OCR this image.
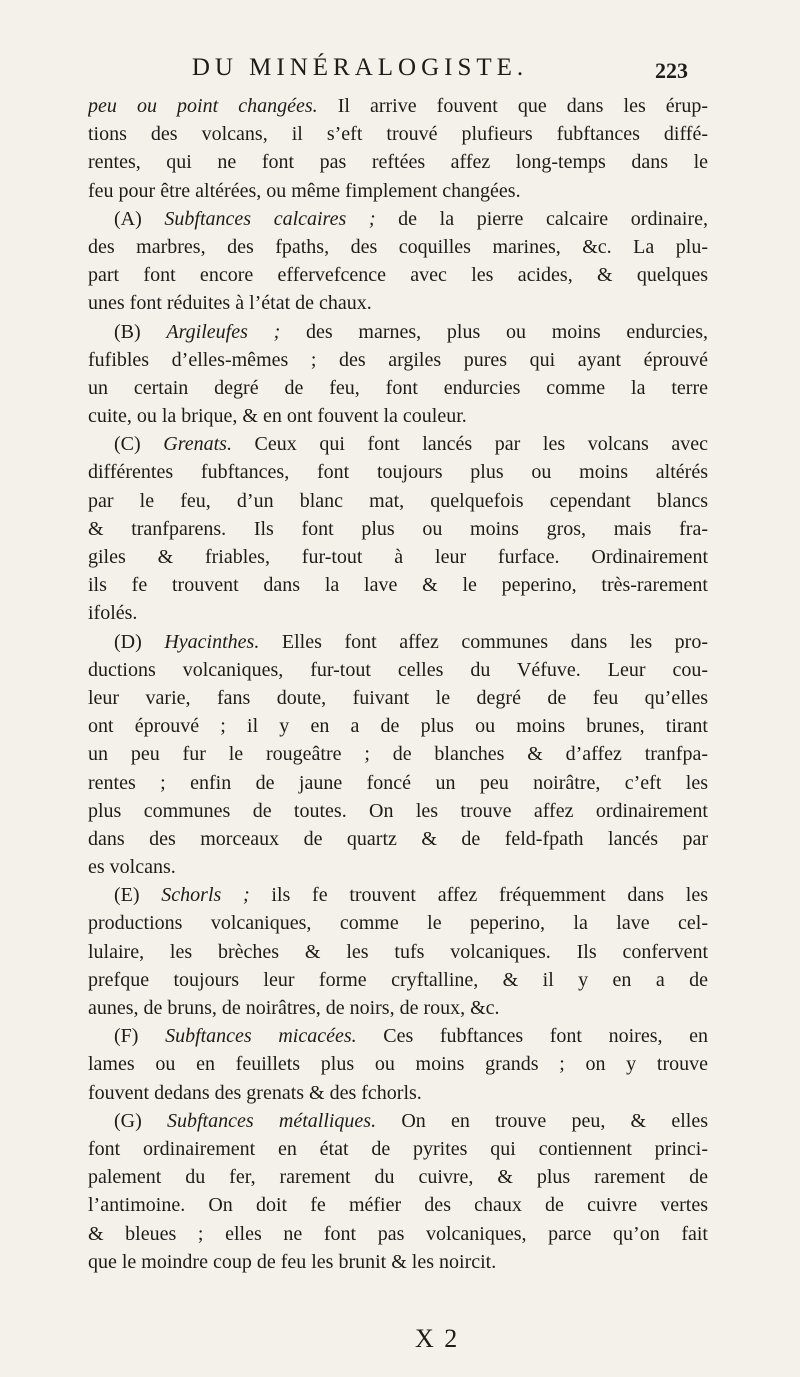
DU MINÉRALOGISTE.	223
peu ou point changées. Il arrive fouvent que dans les érup-
tions des volcans, il s’eft trouvé plufieurs fubftances diffé-
rentes, qui ne font pas reftées affez long-temps dans le
feu pour être altérées, ou même fimplement changées.
(A) Subftances calcaires ; de la pierre calcaire ordinaire,
des marbres, des fpaths, des coquilles marines, &c. La plu-
part font encore effervefcence avec les acides, & quelques
unes font réduites à l’état de chaux.
(B) Argileufes ; des marnes, plus ou moins endurcies,
fufibles d’elles-mêmes ; des argiles pures qui ayant éprouvé
un certain degré de feu, font endurcies comme la terre
cuite, ou la brique, & en ont fouvent la couleur.
(C) Grenats. Ceux qui font lancés par les volcans avec
différentes fubftances, font toujours plus ou moins altérés
par le feu, d’un blanc mat, quelquefois cependant blancs
& tranfparens. Ils font plus ou moins gros, mais fra-
giles & friables, fur-tout à leur furface. Ordinairement
ils fe trouvent dans la lave & le peperino, très-rarement
ifolés.
(D) Hyacinthes. Elles font affez communes dans les pro-
ductions volcaniques, fur-tout celles du Véfuve. Leur cou-
leur varie, fans doute, fuivant le degré de feu qu’elles
ont éprouvé ; il y en a de plus ou moins brunes, tirant
un peu fur le rougeâtre ; de blanches & d’affez tranfpa-
rentes ; enfin de jaune foncé un peu noirâtre, c’eft les
plus communes de toutes. On les trouve affez ordinairement
dans des morceaux de quartz & de feld-fpath lancés par
es volcans.
(E) Schorls ; ils fe trouvent affez fréquemment dans les
productions volcaniques, comme le peperino, la lave cel-
lulaire, les brèches & les tufs volcaniques. Ils confervent
prefque toujours leur forme cryftalline, & il y en a de
aunes, de bruns, de noirâtres, de noirs, de roux, &c.
(F) Subftances micacées. Ces fubftances font noires, en
lames ou en feuillets plus ou moins grands ; on y trouve
fouvent dedans des grenats & des fchorls.
(G) Subftances métalliques. On en trouve peu, & elles
font ordinairement en état de pyrites qui contiennent princi-
palement du fer, rarement du cuivre, & plus rarement de
l’antimoine. On doit fe méfier des chaux de cuivre vertes
& bleues ; elles ne font pas volcaniques, parce qu’on fait
que le moindre coup de feu les brunit & les noircit.
X 2
